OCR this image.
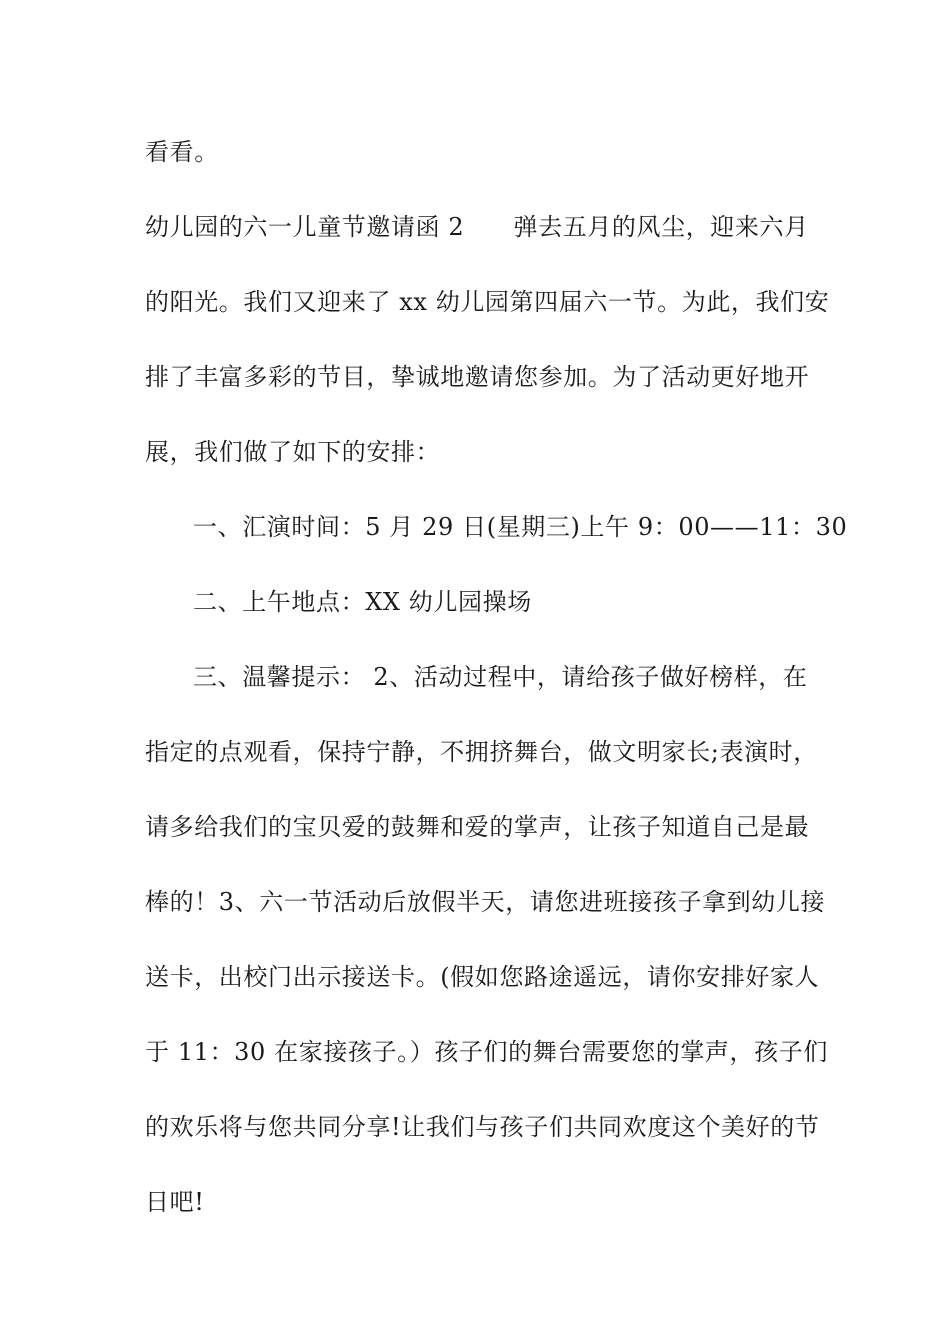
看看。
幼儿园的六一儿童节邀请函 2　　弹去五月的风尘，迎来六月
的阳光。我们又迎来了 xx 幼儿园第四届六一节。为此，我们安
排了丰富多彩的节目，挚诚地邀请您参加。为了活动更好地开
展，我们做了如下的安排：
一、汇演时间：5 月 29 日(星期三)上午 9：00——11：30
二、上午地点：XX 幼儿园操场
三、温馨提示： 2、活动过程中，请给孩子做好榜样，在
指定的点观看，保持宁静，不拥挤舞台，做文明家长;表演时，
请多给我们的宝贝爱的鼓舞和爱的掌声，让孩子知道自己是最
棒的！3、六一节活动后放假半天，请您进班接孩子拿到幼儿接
送卡，出校门出示接送卡。(假如您路途遥远，请你安排好家人
于 11：30 在家接孩子。）孩子们的舞台需要您的掌声，孩子们
的欢乐将与您共同分享!让我们与孩子们共同欢度这个美好的节
日吧!
